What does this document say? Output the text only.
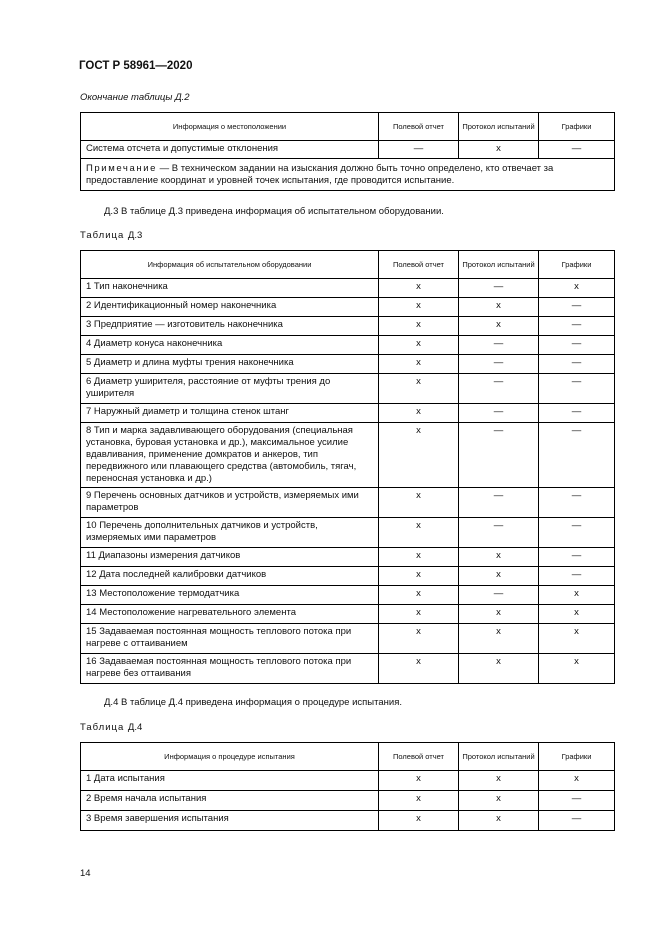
ГОСТ Р 58961—2020
Окончание таблицы Д.2
Информация о местоположении	Полевой отчет	Протокол испытаний	Графики
Система отсчета и допустимые отклонения	—	x	—
Примечание — В техническом задании на изыскания должно быть точно определено, кто отвечает за предоставление координат и уровней точек испытания, где проводится испытание.			
Д.3 В таблице Д.3 приведена информация об испытательном оборудовании.
Таблица Д.3
Информация об испытательном оборудовании	Полевой отчет	Протокол испытаний	Графики
1 Тип наконечника	x	—	x
2 Идентификационный номер наконечника	x	x	—
3 Предприятие — изготовитель наконечника	x	x	—
4 Диаметр конуса наконечника	x	—	—
5 Диаметр и длина муфты трения наконечника	x	—	—
6 Диаметр уширителя, расстояние от муфты трения до уширителя	x	—	—
7 Наружный диаметр и толщина стенок штанг	x	—	—
8 Тип и марка задавливающего оборудования (специальная установка, буровая установка и др.), максимальное усилие вдавливания, применение домкратов и анкеров, тип передвижного или плавающего средства (автомобиль, тягач, переносная установка и др.)	x	—	—
9 Перечень основных датчиков и устройств, измеряемых ими параметров	x	—	—
10 Перечень дополнительных датчиков и устройств, измеряемых ими параметров	x	—	—
11 Диапазоны измерения датчиков	x	x	—
12 Дата последней калибровки датчиков	x	x	—
13 Местоположение термодатчика	x	—	x
14 Местоположение нагревательного элемента	x	x	x
15 Задаваемая постоянная мощность теплового потока при нагреве с оттаиванием	x	x	x
16 Задаваемая постоянная мощность теплового потока при нагреве без оттаивания	x	x	x
Д.4 В таблице Д.4 приведена информация о процедуре испытания.
Таблица Д.4
Информация о процедуре испытания	Полевой отчет	Протокол испытаний	Графики
1 Дата испытания	x	x	x
2 Время начала испытания	x	x	—
3 Время завершения испытания	x	x	—
14
